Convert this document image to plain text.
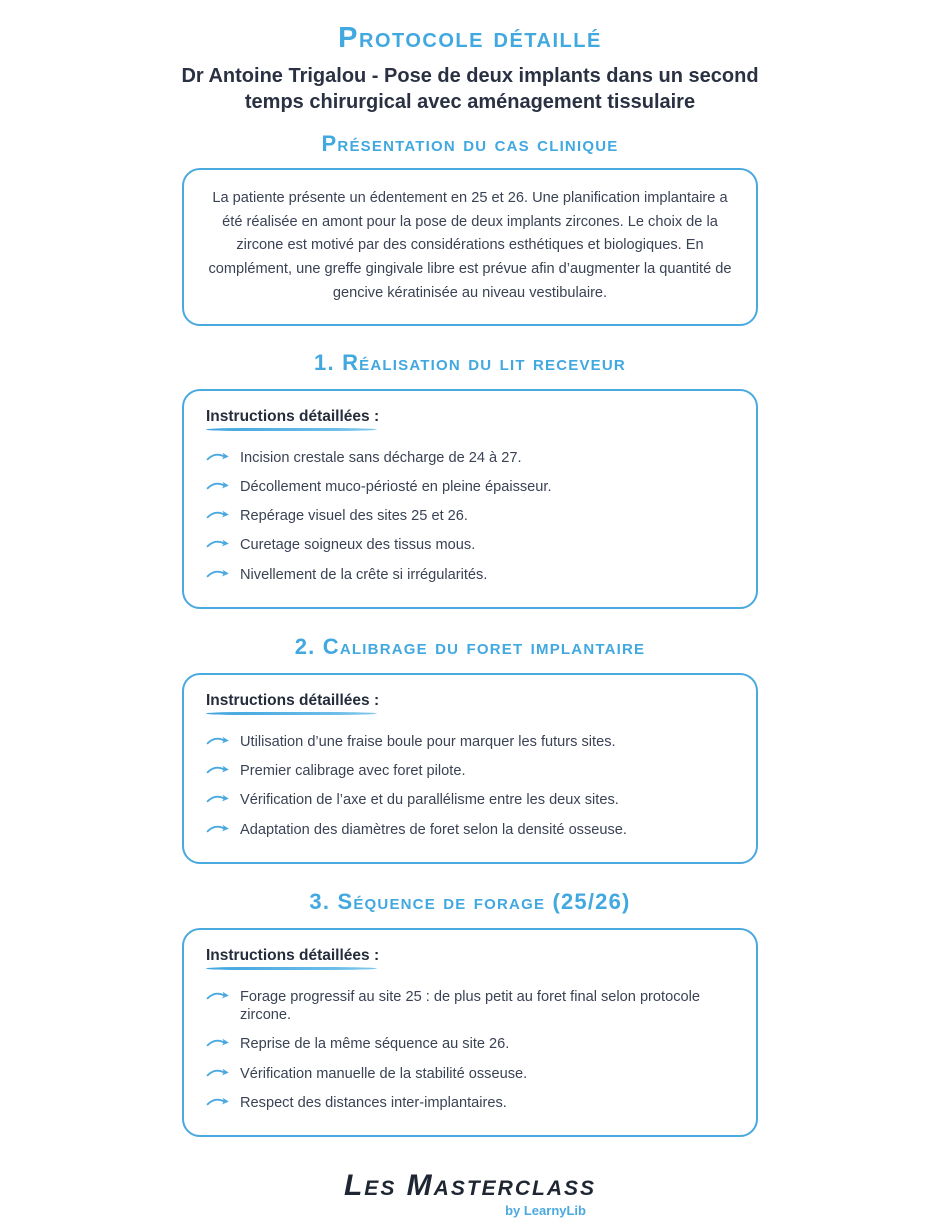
Protocole détaillé
Dr Antoine Trigalou - Pose de deux implants dans un second temps chirurgical avec aménagement tissulaire
Présentation du cas clinique

La patiente présente un édentement en 25 et 26. Une planification implantaire a été réalisée en amont pour la pose de deux implants zircones. Le choix de la zircone est motivé par des considérations esthétiques et biologiques. En complément, une greffe gingivale libre est prévue afin d’augmenter la quantité de gencive kératinisée au niveau vestibulaire.

1. Réalisation du lit receveur
Instructions détaillées :
Incision crestale sans décharge de 24 à 27.
Décollement muco-périosté en pleine épaisseur.
Repérage visuel des sites 25 et 26.
Curetage soigneux des tissus mous.
Nivellement de la crête si irrégularités.
2. Calibrage du foret implantaire
Instructions détaillées :
Utilisation d’une fraise boule pour marquer les futurs sites.
Premier calibrage avec foret pilote.
Vérification de l’axe et du parallélisme entre les deux sites.
Adaptation des diamètres de foret selon la densité osseuse.
3. Séquence de forage (25/26)
Instructions détaillées :
Forage progressif au site 25 : de plus petit au foret final selon protocole zircone.
Reprise de la même séquence au site 26.
Vérification manuelle de la stabilité osseuse.
Respect des distances inter-implantaires.
Les Masterclass
by LearnyLib
